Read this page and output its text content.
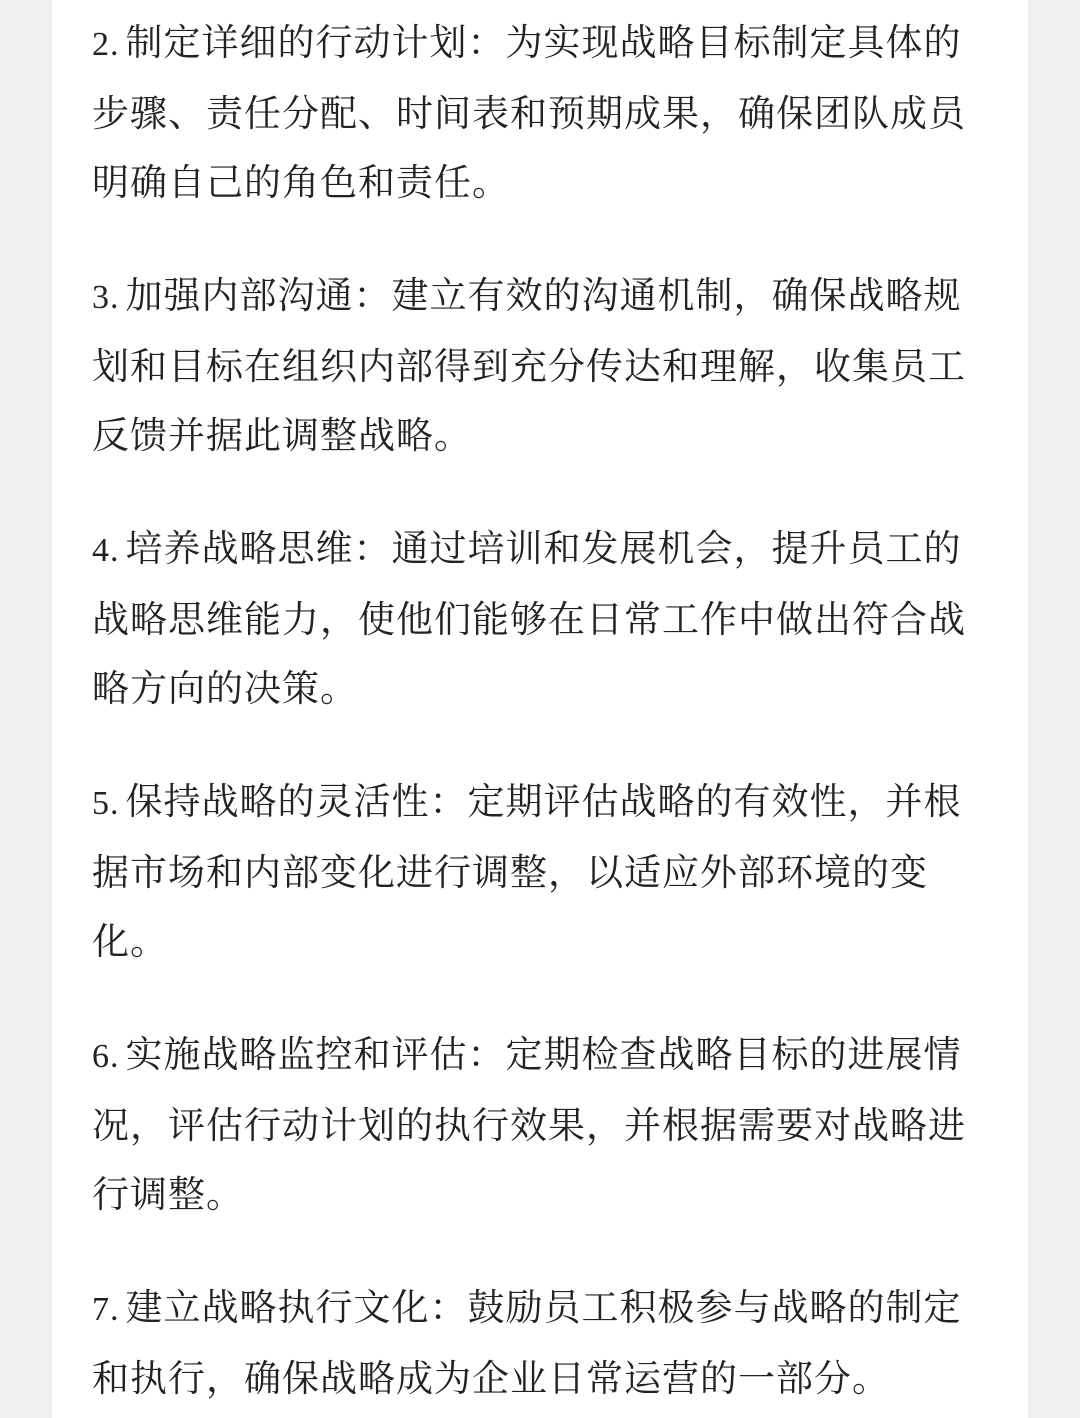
2. 制定详细的行动计划：为实现战略目标制定具体的
步骤、责任分配、时间表和预期成果，确保团队成员
明确自己的角色和责任。
3. 加强内部沟通：建立有效的沟通机制，确保战略规
划和目标在组织内部得到充分传达和理解，收集员工
反馈并据此调整战略。
4. 培养战略思维：通过培训和发展机会，提升员工的
战略思维能力，使他们能够在日常工作中做出符合战
略方向的决策。
5. 保持战略的灵活性：定期评估战略的有效性，并根
据市场和内部变化进行调整，以适应外部环境的变
化。
6. 实施战略监控和评估：定期检查战略目标的进展情
况，评估行动计划的执行效果，并根据需要对战略进
行调整。
7. 建立战略执行文化：鼓励员工积极参与战略的制定
和执行，确保战略成为企业日常运营的一部分。
